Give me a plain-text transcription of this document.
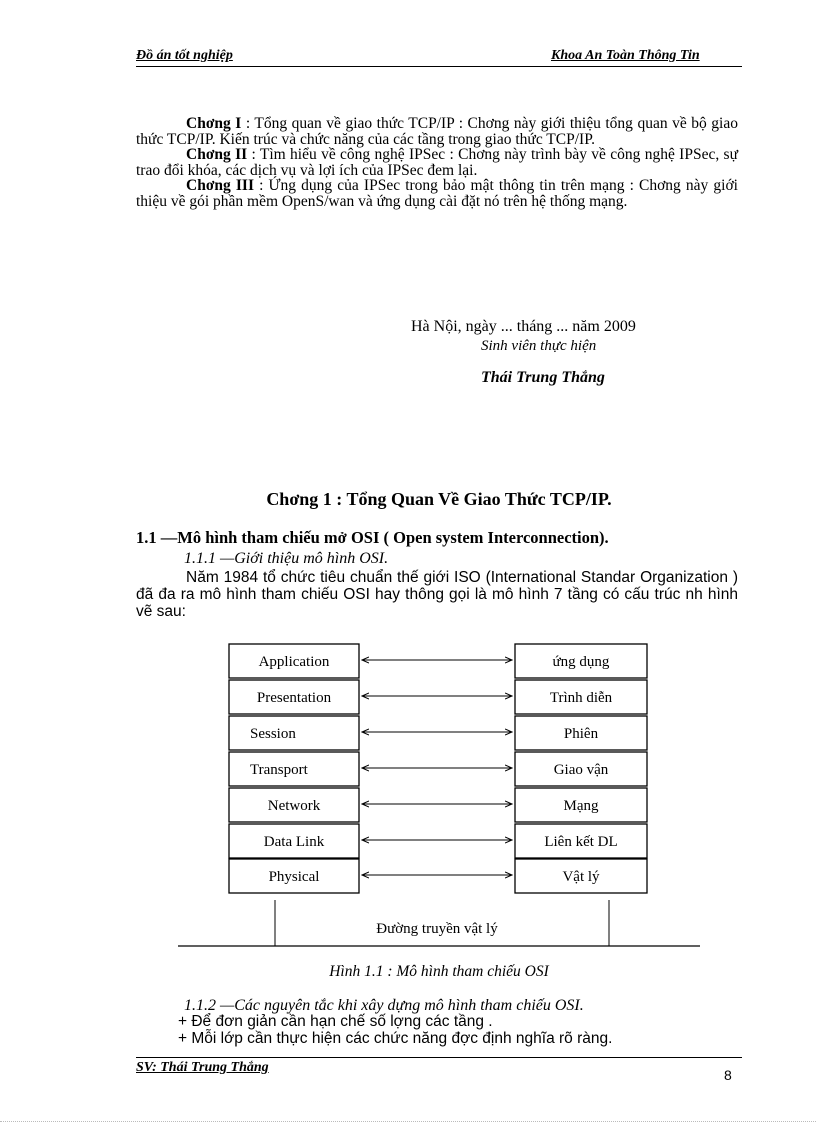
Đồ án tốt nghiệp	Khoa An Toàn Thông Tin

Chơng I : Tổng quan về giao thức TCP/IP : Chơng này giới thiệu tổng quan về bộ giao thức TCP/IP. Kiến trúc và chức năng của các tầng trong giao thức TCP/IP.

Chơng II : Tìm hiểu về công nghệ IPSec : Chơng này trình bày về công nghệ IPSec, sự trao đổi khóa, các dịch vụ và lợi ích của IPSec đem lại.

Chơng III : Ứng dụng của IPSec trong bảo mật thông tin trên mạng : Chơng này giới thiệu về gói phần mềm OpenS/wan và ứng dụng cài đặt nó trên hệ thống mạng.

Hà Nội, ngày ... tháng ... năm 2009
Sinh viên thực hiện
Thái Trung Thắng
Chơng 1 : Tổng Quan Về Giao Thức TCP/IP.
1.1 —Mô hình tham chiếu mở OSI ( Open system Interconnection).
1.1.1 —Giới thiệu mô hình OSI.

Năm 1984 tổ chức tiêu chuẩn thế giới ISO (International Standar Organization ) đã đa ra mô hình tham chiếu OSI hay thông gọi là mô hình 7 tầng có cấu trúc nh hình vẽ sau:

Application
Presentation
Session
Transport
Network
Data Link
Physical
ứng dụng
Trình diễn
Phiên
Giao vận
Mạng
Liên kết DL
Vật lý
Đường truyền vật lý
Hình 1.1 : Mô hình tham chiếu OSI
1.1.2 —Các nguyên tắc khi xây dựng mô hình tham chiếu OSI.
+ Để đơn giản cần hạn chế số lợng các tầng .
+ Mỗi lớp cần thực hiện các chức năng đợc định nghĩa rõ ràng.
SV: Thái Trung Thắng	8
